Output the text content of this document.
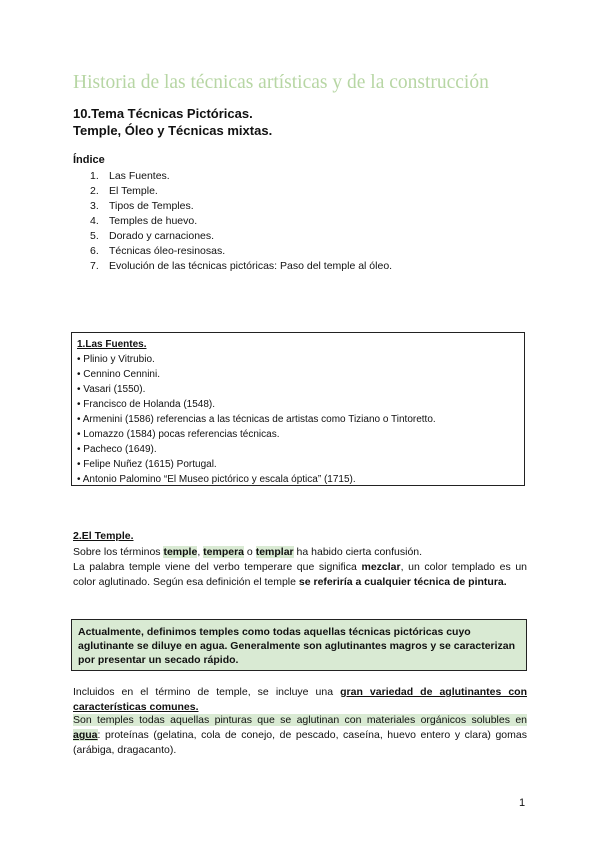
Historia de las técnicas artísticas y de la construcción
10.Tema Técnicas Pictóricas.
Temple, Óleo y Técnicas mixtas.
Índice
1. Las Fuentes.
2. El Temple.
3. Tipos de Temples.
4. Temples de huevo.
5. Dorado y carnaciones.
6. Técnicas óleo-resinosas.
7. Evolución de las técnicas pictóricas: Paso del temple al óleo.
1.Las Fuentes.
• Plinio y Vitrubio.
• Cennino Cennini.
• Vasari (1550).
• Francisco de Holanda (1548).
• Armenini (1586) referencias a las técnicas de artistas como Tiziano o Tintoretto.
• Lomazzo (1584) pocas referencias técnicas.
• Pacheco (1649).
• Felipe Nuñez (1615) Portugal.
• Antonio Palomino “El Museo pictórico y escala óptica” (1715).
2.El Temple.

Sobre los términos temple, tempera o templar ha habido cierta confusión.

La palabra temple viene del verbo temperare que significa mezclar, un color templado es un color aglutinado. Según esa definición el temple se referiría a cualquier técnica de pintura.

Actualmente, definimos temples como todas aquellas técnicas pictóricas cuyo aglutinante se diluye en agua. Generalmente son aglutinantes magros y se caracterizan por presentar un secado rápido.

Incluidos en el término de temple, se incluye una gran variedad de aglutinantes con características comunes.

Son temples todas aquellas pinturas que se aglutinan con materiales orgánicos solubles en agua: proteínas (gelatina, cola de conejo, de pescado, caseína, huevo entero y clara) gomas (arábiga, dragacanto).

1
